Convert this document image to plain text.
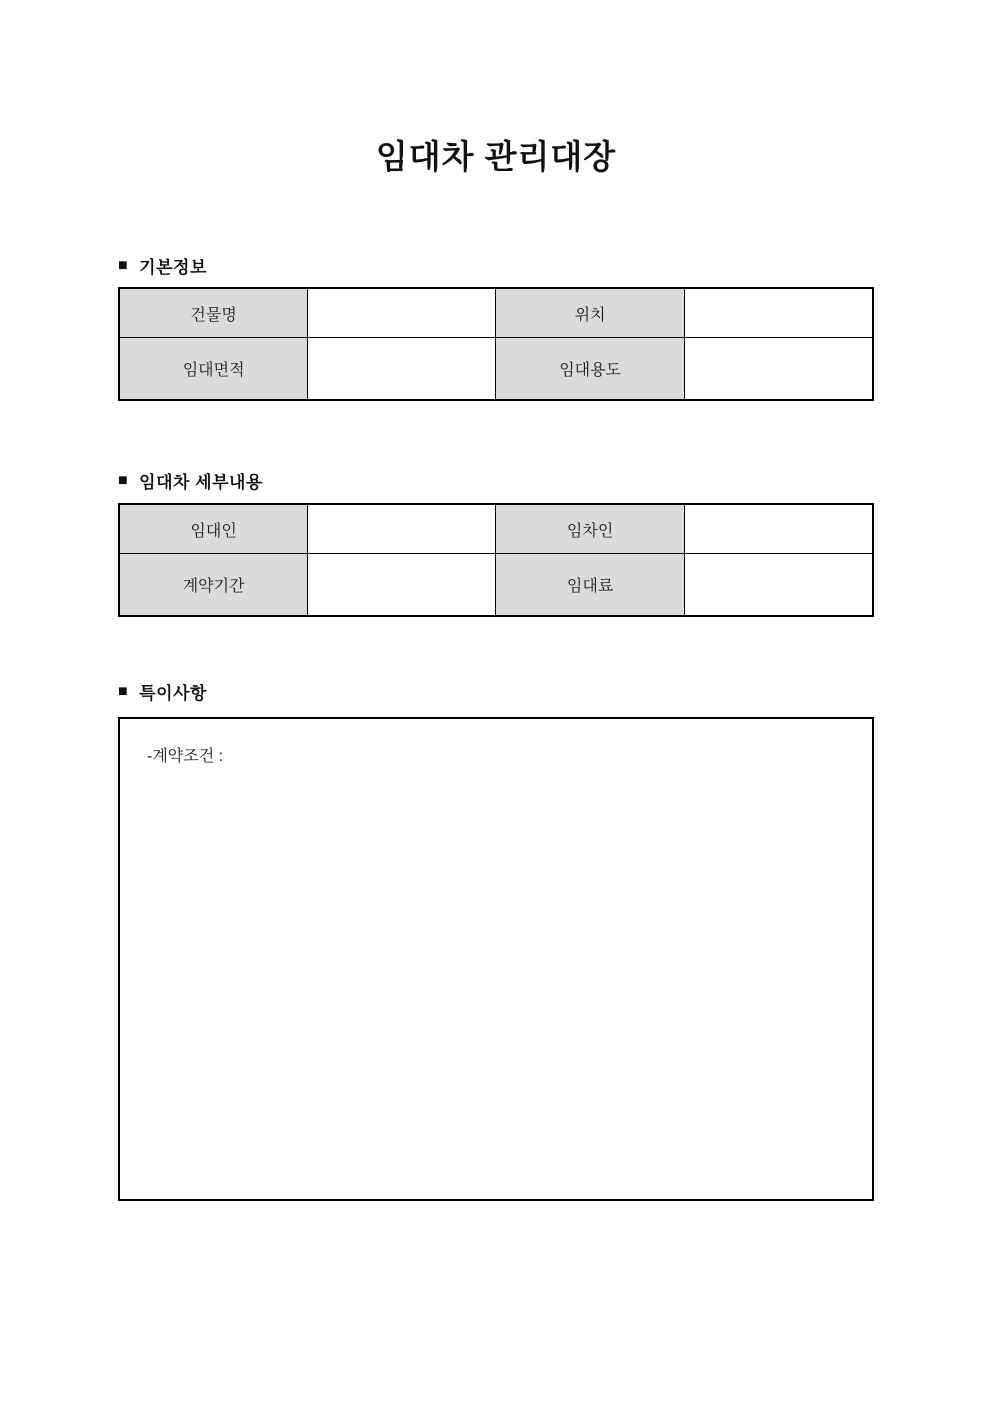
임대차 관리대장
■ 기본정보
건물명		위치	
임대면적		임대용도	
■ 임대차 세부내용
임대인		임차인	
계약기간		임대료	
■ 특이사항
-계약조건 :
